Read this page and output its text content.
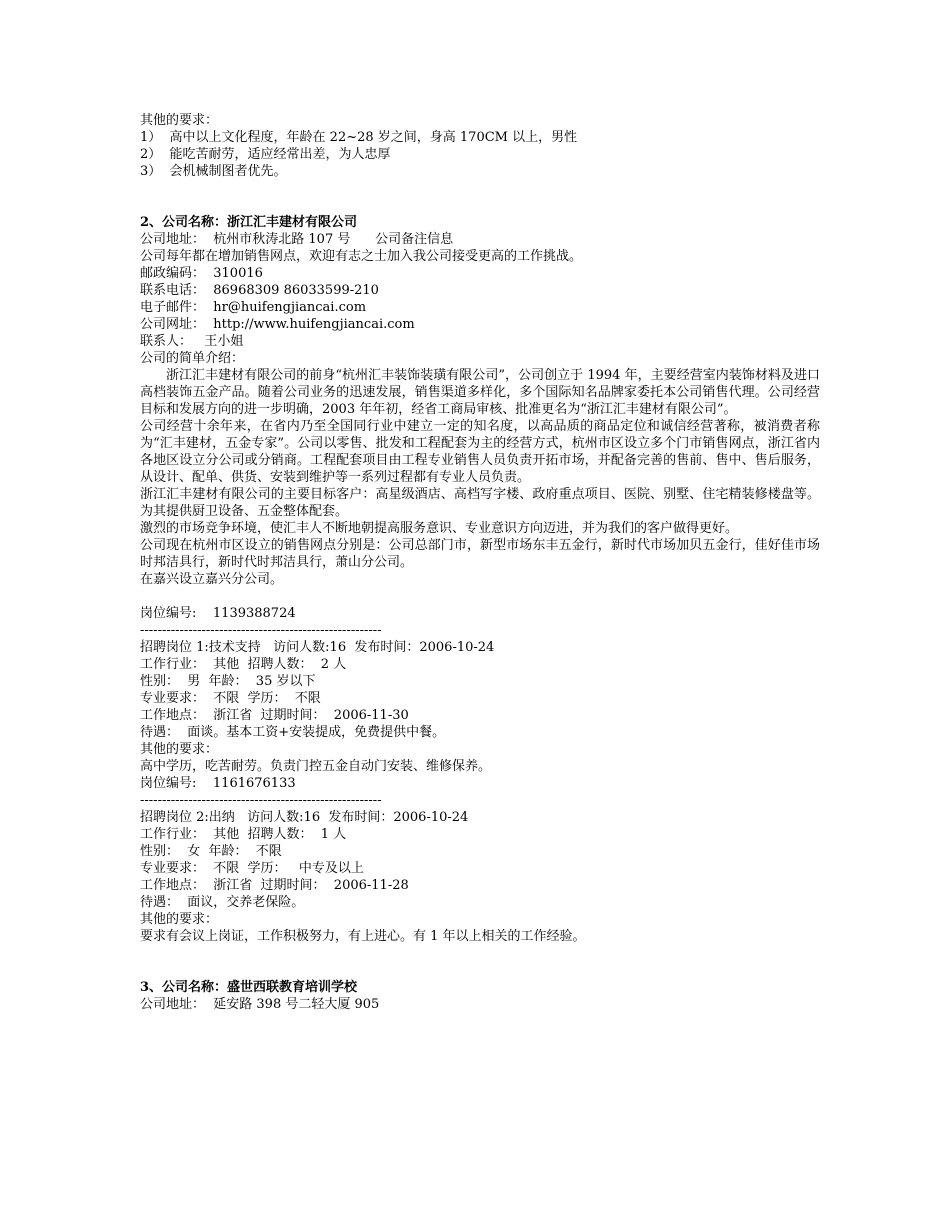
其他的要求：
1）  高中以上文化程度，年龄在 22~28 岁之间，身高 170CM 以上，男性
2）  能吃苦耐劳，适应经常出差，为人忠厚
3）  会机械制图者优先。
2、公司名称：浙江汇丰建材有限公司
公司地址：  杭州市秋涛北路 107 号      公司备注信息
公司每年都在增加销售网点，欢迎有志之士加入我公司接受更高的工作挑战。
邮政编码：  310016
联系电话：  86968309 86033599-210
电子邮件：  hr@huifengjiancai.com
公司网址：  http://www.huifengjiancai.com
联系人：   王小姐
公司的简单介绍：
浙江汇丰建材有限公司的前身“杭州汇丰装饰装璜有限公司”，公司创立于 1994 年，主要经营室内装饰材料及进口高档装饰五金产品。随着公司业务的迅速发展，销售渠道多样化，多个国际知名品牌家委托本公司销售代理。公司经营目标和发展方向的进一步明确，2003 年年初，经省工商局审核、批准更名为“浙江汇丰建材有限公司”。
公司经营十余年来，在省内乃至全国同行业中建立一定的知名度，以高品质的商品定位和诚信经营著称，被消费者称为“汇丰建材，五金专家”。公司以零售、批发和工程配套为主的经营方式，杭州市区设立多个门市销售网点，浙江省内各地区设立分公司或分销商。工程配套项目由工程专业销售人员负责开拓市场，并配备完善的售前、售中、售后服务，从设计、配单、供货、安装到维护等一系列过程都有专业人员负责。
浙江汇丰建材有限公司的主要目标客户：高星级酒店、高档写字楼、政府重点项目、医院、别墅、住宅精装修楼盘等。为其提供厨卫设备、五金整体配套。
激烈的市场竞争环境，使汇丰人不断地朝提高服务意识、专业意识方向迈进，并为我们的客户做得更好。
公司现在杭州市区设立的销售网点分别是：公司总部门市，新型市场东丰五金行，新时代市场加贝五金行，佳好佳市场时邦洁具行，新时代时邦洁具行，萧山分公司。
在嘉兴设立嘉兴分公司。
岗位编号:    1139388724
-------------------------------------------------------
招聘岗位 1:技术支持   访问人数:16  发布时间：2006-10-24
工作行业：  其他  招聘人数：  2 人
性别：  男  年龄：  35 岁以下
专业要求：  不限  学历：  不限
工作地点：  浙江省  过期时间：  2006-11-30
待遇：  面谈。基本工资+安装提成，免费提供中餐。
其他的要求：
高中学历，吃苦耐劳。负责门控五金自动门安装、维修保养。
岗位编号:    1161676133
-------------------------------------------------------
招聘岗位 2:出纳   访问人数:16  发布时间：2006-10-24
工作行业：  其他  招聘人数：  1 人
性别：  女  年龄：  不限
专业要求：  不限  学历：   中专及以上
工作地点：  浙江省  过期时间：  2006-11-28
待遇：  面议，交养老保险。
其他的要求：
要求有会议上岗证，工作积极努力，有上进心。有 1 年以上相关的工作经验。
3、公司名称：盛世西联教育培训学校
公司地址：  延安路 398 号二轻大厦 905
